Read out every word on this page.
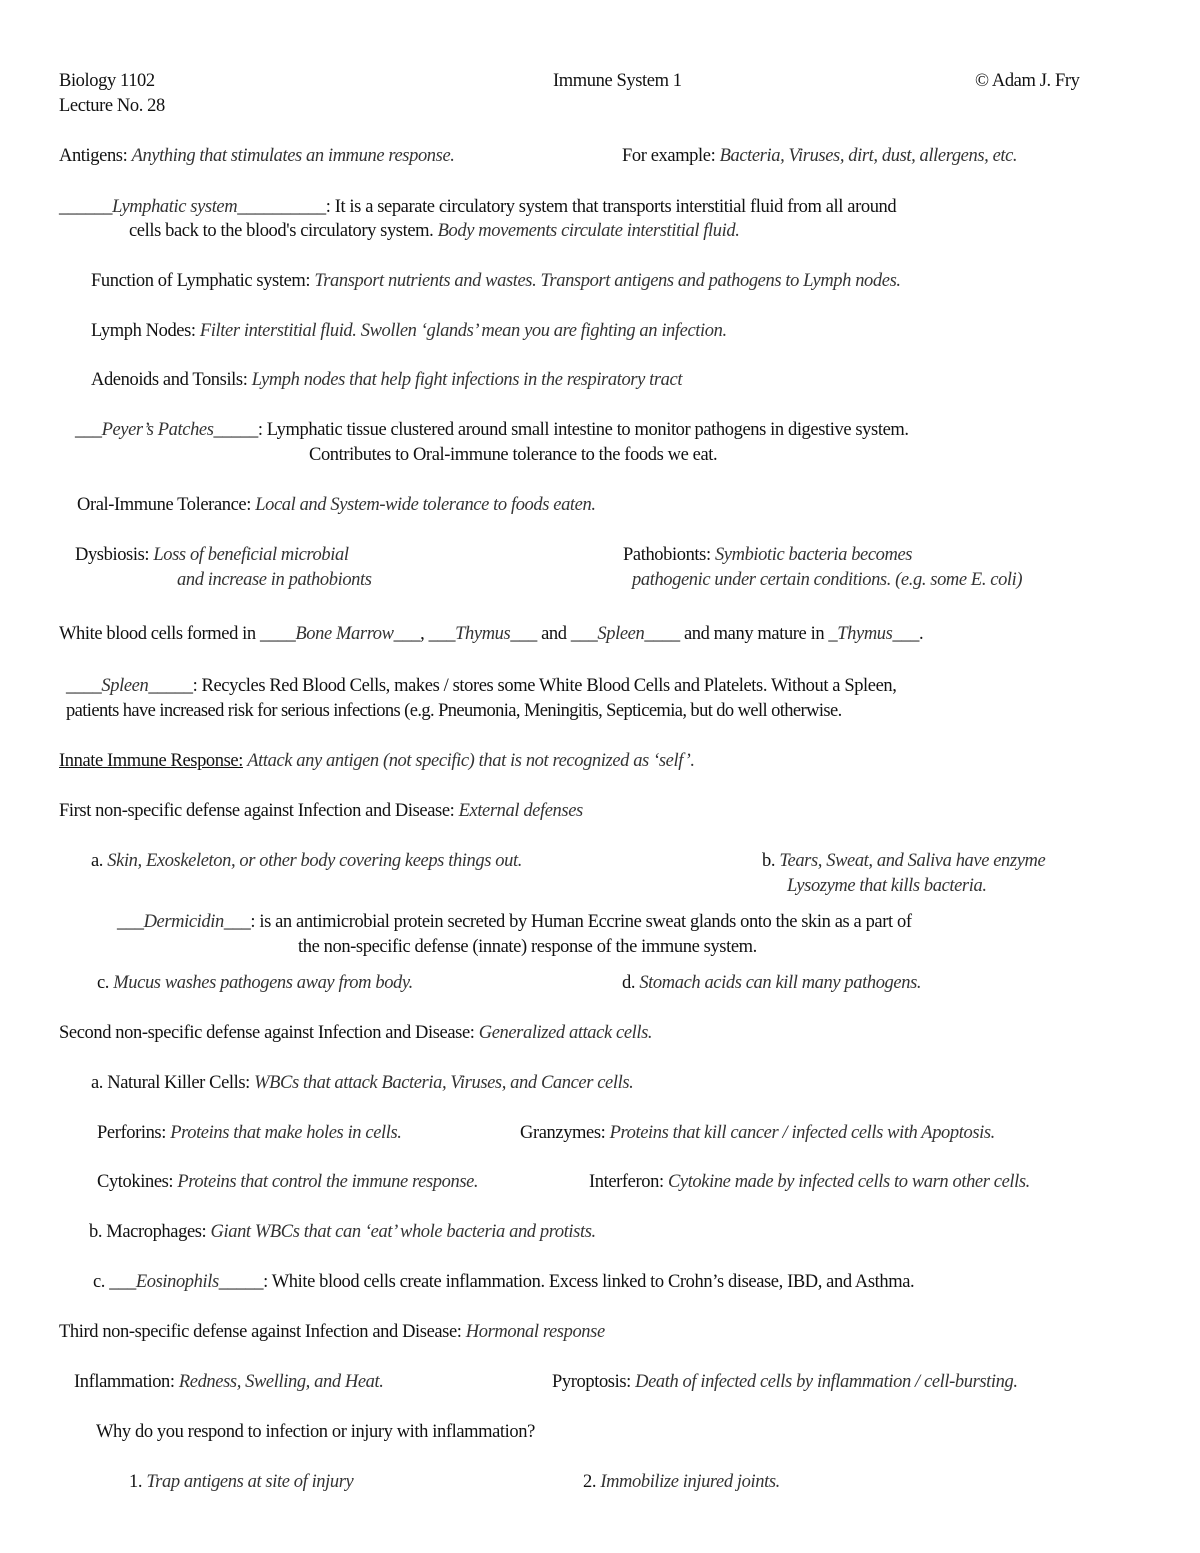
Biology 1102
Lecture No. 28
Immune System 1	© Adam J. Fry
Antigens: Anything that stimulates an immune response.	For example: Bacteria, Viruses, dirt, dust, allergens, etc.
______Lymphatic system__________: It is a separate circulatory system that transports interstitial fluid from all around
cells back to the blood's circulatory system. Body movements circulate interstitial fluid.
Function of Lymphatic system: Transport nutrients and wastes. Transport antigens and pathogens to Lymph nodes.
Lymph Nodes: Filter interstitial fluid. Swollen ‘glands’ mean you are fighting an infection.
Adenoids and Tonsils: Lymph nodes that help fight infections in the respiratory tract
___Peyer’s Patches_____: Lymphatic tissue clustered around small intestine to monitor pathogens in digestive system.
Contributes to Oral-immune tolerance to the foods we eat.
Oral-Immune Tolerance: Local and System-wide tolerance to foods eaten.
Dysbiosis: Loss of beneficial microbial
and increase in pathobionts
Pathobionts: Symbiotic bacteria becomes
pathogenic under certain conditions. (e.g. some E. coli)
White blood cells formed in ____Bone Marrow___, ___Thymus___ and ___Spleen____ and many mature in _Thymus___.
____Spleen_____: Recycles Red Blood Cells, makes / stores some White Blood Cells and Platelets. Without a Spleen,
patients have increased risk for serious infections (e.g. Pneumonia, Meningitis, Septicemia, but do well otherwise.
Innate Immune Response: Attack any antigen (not specific) that is not recognized as ‘self’.
First non-specific defense against Infection and Disease: External defenses
a. Skin, Exoskeleton, or other body covering keeps things out.	b. Tears, Sweat, and Saliva have enzyme
Lysozyme that kills bacteria.
___Dermicidin___: is an antimicrobial protein secreted by Human Eccrine sweat glands onto the skin as a part of
the non-specific defense (innate) response of the immune system.
c. Mucus washes pathogens away from body.	d. Stomach acids can kill many pathogens.
Second non-specific defense against Infection and Disease: Generalized attack cells.
a. Natural Killer Cells: WBCs that attack Bacteria, Viruses, and Cancer cells.
Perforins: Proteins that make holes in cells.	Granzymes: Proteins that kill cancer / infected cells with Apoptosis.
Cytokines: Proteins that control the immune response.	Interferon: Cytokine made by infected cells to warn other cells.
b. Macrophages: Giant WBCs that can ‘eat’ whole bacteria and protists.
c. ___Eosinophils_____: White blood cells create inflammation. Excess linked to Crohn’s disease, IBD, and Asthma.
Third non-specific defense against Infection and Disease: Hormonal response
Inflammation: Redness, Swelling, and Heat.	Pyroptosis: Death of infected cells by inflammation / cell-bursting.
Why do you respond to infection or injury with inflammation?
1. Trap antigens at site of injury	2. Immobilize injured joints.
